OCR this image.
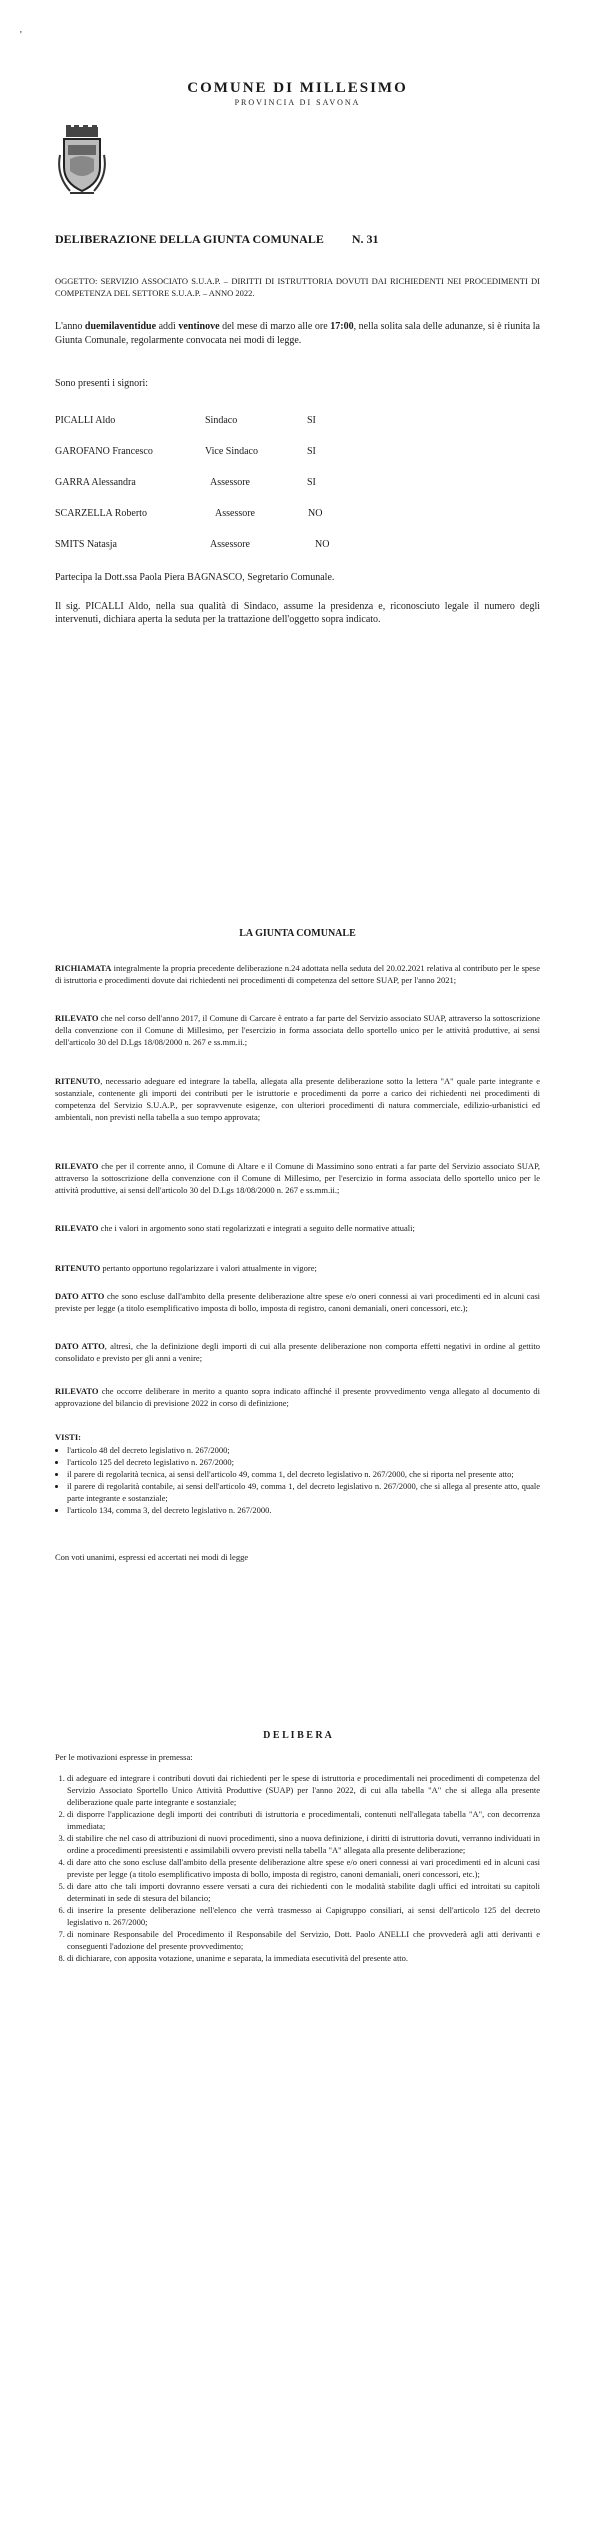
'
COMUNE DI MILLESIMO
PROVINCIA DI SAVONA
DELIBERAZIONE DELLA GIUNTA COMUNALE N. 31
OGGETTO: SERVIZIO ASSOCIATO S.U.A.P. – DIRITTI DI ISTRUTTORIA DOVUTI DAI RICHIEDENTI NEI PROCEDIMENTI DI COMPETENZA DEL SETTORE S.U.A.P. – ANNO 2022.
L'anno duemilaventidue addì ventinove del mese di marzo alle ore 17:00, nella solita sala delle adunanze, si è riunita la Giunta Comunale, regolarmente convocata nei modi di legge.
Sono presenti i signori:
PICALLI Aldo	Sindaco	SI
GAROFANO Francesco	Vice Sindaco	SI
GARRA Alessandra	Assessore	SI
SCARZELLA Roberto	Assessore	NO
SMITS Natasja	Assessore	NO
Partecipa la Dott.ssa Paola Piera BAGNASCO, Segretario Comunale.
Il sig. PICALLI Aldo, nella sua qualità di Sindaco, assume la presidenza e, riconosciuto legale il numero degli intervenuti, dichiara aperta la seduta per la trattazione dell'oggetto sopra indicato.
LA GIUNTA COMUNALE
RICHIAMATA integralmente la propria precedente deliberazione n.24 adottata nella seduta del 20.02.2021 relativa al contributo per le spese di istruttoria e procedimenti dovute dai richiedenti nei procedimenti di competenza del settore SUAP, per l'anno 2021;
RILEVATO che nel corso dell'anno 2017, il Comune di Carcare è entrato a far parte del Servizio associato SUAP, attraverso la sottoscrizione della convenzione con il Comune di Millesimo, per l'esercizio in forma associata dello sportello unico per le attività produttive, ai sensi dell'articolo 30 del D.Lgs 18/08/2000 n. 267 e ss.mm.ii.;
RITENUTO, necessario adeguare ed integrare la tabella, allegata alla presente deliberazione sotto la lettera "A" quale parte integrante e sostanziale, contenente gli importi dei contributi per le istruttorie e procedimenti da porre a carico dei richiedenti nei procedimenti di competenza del Servizio S.U.A.P., per sopravvenute esigenze, con ulteriori procedimenti di natura commerciale, edilizio-urbanistici ed ambientali, non previsti nella tabella a suo tempo approvata;
RILEVATO che per il corrente anno, il Comune di Altare e il Comune di Massimino sono entrati a far parte del Servizio associato SUAP, attraverso la sottoscrizione della convenzione con il Comune di Millesimo, per l'esercizio in forma associata dello sportello unico per le attività produttive, ai sensi dell'articolo 30 del D.Lgs 18/08/2000 n. 267 e ss.mm.ii.;
RILEVATO che i valori in argomento sono stati regolarizzati e integrati a seguito delle normative attuali;
RITENUTO pertanto opportuno regolarizzare i valori attualmente in vigore;
DATO ATTO che sono escluse dall'ambito della presente deliberazione altre spese e/o oneri connessi ai vari procedimenti ed in alcuni casi previste per legge (a titolo esemplificativo imposta di bollo, imposta di registro, canoni demaniali, oneri concessori, etc.);
DATO ATTO, altresì, che la definizione degli importi di cui alla presente deliberazione non comporta effetti negativi in ordine al gettito consolidato e previsto per gli anni a venire;
RILEVATO che occorre deliberare in merito a quanto sopra indicato affinché il presente provvedimento venga allegato al documento di approvazione del bilancio di previsione 2022 in corso di definizione;
VISTI:
• l'articolo 48 del decreto legislativo n. 267/2000;
• l'articolo 125 del decreto legislativo n. 267/2000;
• il parere di regolarità tecnica, ai sensi dell'articolo 49, comma 1, del decreto legislativo n. 267/2000, che si riporta nel presente atto;
• il parere di regolarità contabile, ai sensi dell'articolo 49, comma 1, del decreto legislativo n. 267/2000, che si allega al presente atto, quale parte integrante e sostanziale;
• l'articolo 134, comma 3, del decreto legislativo n. 267/2000.
Con voti unanimi, espressi ed accertati nei modi di legge
D E L I B E R A
Per le motivazioni espresse in premessa:
1. di adeguare ed integrare i contributi dovuti dai richiedenti per le spese di istruttoria e procedimentali nei procedimenti di competenza del Servizio Associato Sportello Unico Attività Produttive (SUAP) per l'anno 2022, di cui alla tabella "A" che si allega alla presente deliberazione quale parte integrante e sostanziale;
2. di disporre l'applicazione degli importi dei contributi di istruttoria e procedimentali, contenuti nell'allegata tabella "A", con decorrenza immediata;
3. di stabilire che nel caso di attribuzioni di nuovi procedimenti, sino a nuova definizione, i diritti di istruttoria dovuti, verranno individuati in ordine a procedimenti preesistenti e assimilabili ovvero previsti nella tabella "A" allegata alla presente deliberazione;
4. di dare atto che sono escluse dall'ambito della presente deliberazione altre spese e/o oneri connessi ai vari procedimenti ed in alcuni casi previste per legge (a titolo esemplificativo imposta di bollo, imposta di registro, canoni demaniali, oneri concessori, etc.);
5. di dare atto che tali importi dovranno essere versati a cura dei richiedenti con le modalità stabilite dagli uffici ed introitati su capitoli determinati in sede di stesura del bilancio;
6. di inserire la presente deliberazione nell'elenco che verrà trasmesso ai Capigruppo consiliari, ai sensi dell'articolo 125 del decreto legislativo n. 267/2000;
7. di nominare Responsabile del Procedimento il Responsabile del Servizio, Dott. Paolo ANELLI che provvederà agli atti derivanti e conseguenti l'adozione del presente provvedimento;
8. di dichiarare, con apposita votazione, unanime e separata, la immediata esecutività del presente atto.
